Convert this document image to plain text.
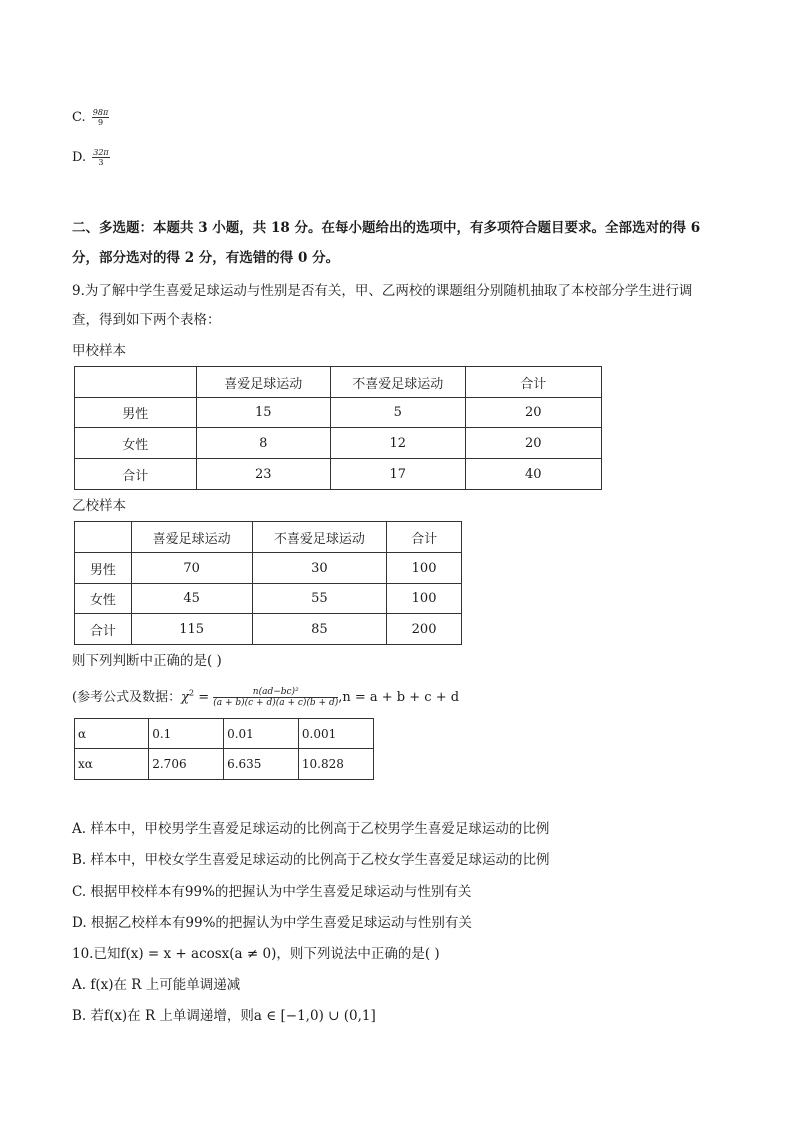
C. $\frac{98\pi}{9}$
D. $\frac{32\pi}{3}$
二、多选题：本题共 3 小题，共 18 分。在每小题给出的选项中，有多项符合题目要求。全部选对的得 6
分，部分选对的得 2 分，有选错的得 0 分。
9.为了解中学生喜爱足球运动与性别是否有关，甲、乙两校的课题组分别随机抽取了本校部分学生进行调
查，得到如下两个表格：
甲校样本
	喜爱足球运动	不喜爱足球运动	合计
男性	15	5	20
女性	8	12	20
合计	23	17	40
乙校样本
	喜爱足球运动	不喜爱足球运动	合计
男性	70	30	100
女性	45	55	100
合计	115	85	200
则下列判断中正确的是( )
(参考公式及数据：$\chi^2 = \frac{\text{n(ad−bc)²}}{(a + b)(c + d)(a + c)(b + d)} ,n = a + b + c + d$
α	0.1	0.01	0.001
xα	2.706	6.635	10.828
A. 样本中，甲校男学生喜爱足球运动的比例高于乙校男学生喜爱足球运动的比例
B. 样本中，甲校女学生喜爱足球运动的比例高于乙校女学生喜爱足球运动的比例
C. 根据甲校样本有99%的把握认为中学生喜爱足球运动与性别有关
D. 根据乙校样本有99%的把握认为中学生喜爱足球运动与性别有关
10.已知f(x) = x + acosx(a ≠ 0)，则下列说法中正确的是( )
A. f(x)在 R 上可能单调递减
B. 若f(x)在 R 上单调递增，则a ∈ [−1,0) ∪ (0,1]
